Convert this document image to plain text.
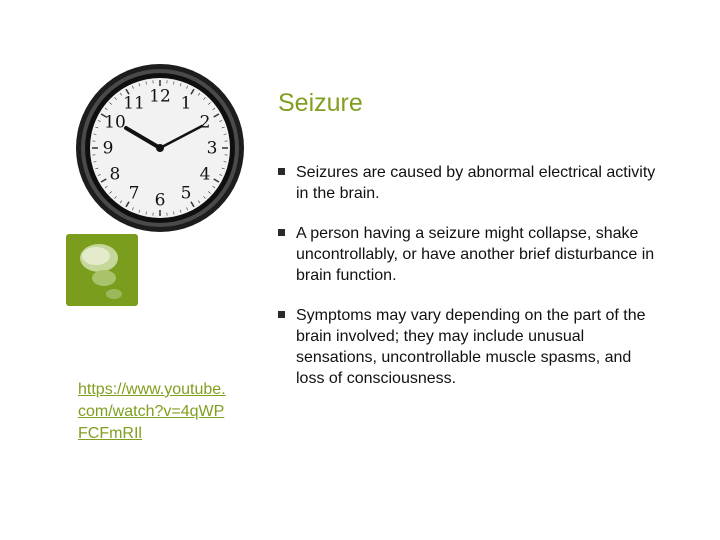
12 1
2
3
4
5
6
7
8
9
10
11
https://www.youtube.com/watch?v=4qWPFCFmRIl
Seizure
Seizures are caused by abnormal electrical activity in the brain.
A person having a seizure might collapse, shake uncontrollably, or have another brief disturbance in brain function.
Symptoms may vary depending on the part of the brain involved; they may include unusual sensations, uncontrollable muscle spasms, and loss of consciousness.
